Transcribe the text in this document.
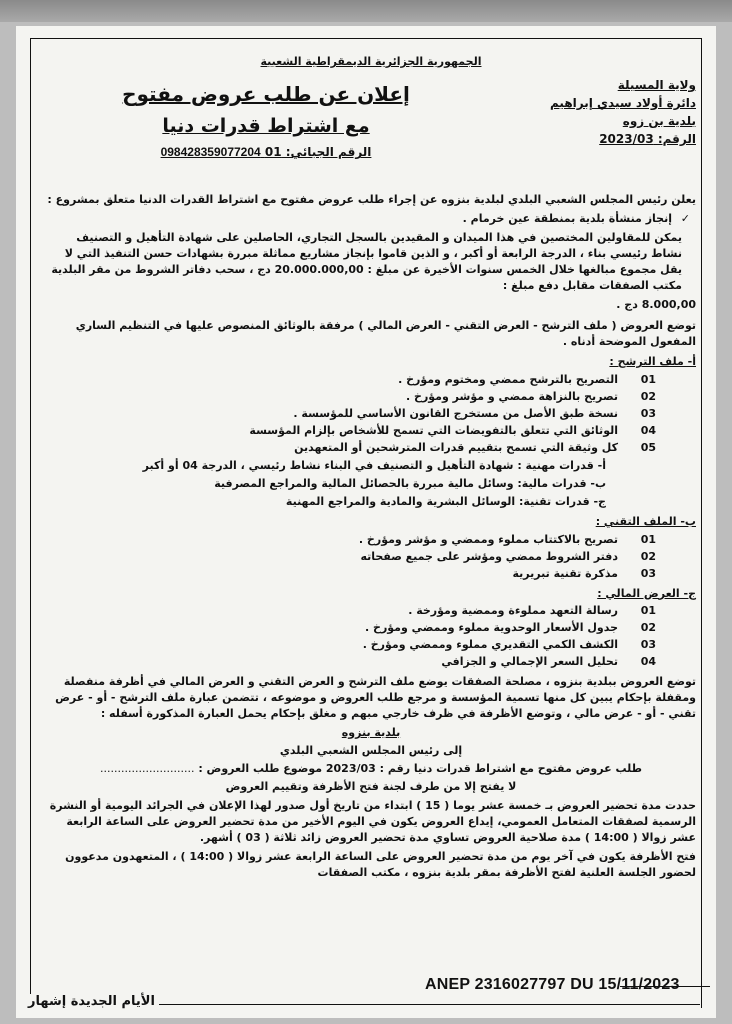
الجمهورية الجزائرية الديمقراطية الشعبية
ولاية المسيلة
دائرة أولاد سيدي إبراهيم
بلدية بن زوه
الرقم: 2023/03
إعلان عن طلب عروض مفتوح
مع اشتراط قدرات دنيا
الرقم الجبائي: 01 098428359077204

يعلن رئيس المجلس الشعبي البلدي لبلدية بنزوه عن إجراء طلب عروض مفتوح مع اشتراط القدرات الدنيا متعلق بمشروع :

✓
إنجاز منشأة بلدية بمنطقة عين خرمام .

يمكن للمقاولين المختصين في هذا الميدان و المقيدين بالسجل التجاري، الحاصلين على شهادة التأهيل و التصنيف نشاط رئيسي بناء ، الدرجة الرابعة أو أكبر ، و الذين قاموا بإنجاز مشاريع مماثلة مبررة بشهادات حسن التنفيذ التي لا يقل مجموع مبالغها خلال الخمس سنوات الأخيرة عن مبلغ : 20.000.000,00 دج ، سحب دفاتر الشروط من مقر البلدية مكتب الصفقات مقابل دفع مبلغ :

8.000,00 دج .

توضع العروض ( ملف الترشح - العرض التقني - العرض المالي ) مرفقة بالوثائق المنصوص عليها في التنظيم الساري المفعول الموضحة أدناه .

أ- ملف الترشح :
01
التصريح بالترشح ممضي ومختوم ومؤرخ .
02
تصريح بالنزاهة ممضي و مؤشر ومؤرخ .
03
نسخة طبق الأصل من مستخرج القانون الأساسي للمؤسسة .
04
الوثائق التي تتعلق بالتفويضات التي تسمح للأشخاص بإلزام المؤسسة
05
كل وثيقة التي تسمح بتقييم قدرات المترشحين أو المتعهدين

أ- قدرات مهنية : شهادة التأهيل و التصنيف في البناء نشاط رئيسي ، الدرجة 04 أو أكبر

ب- قدرات مالية: وسائل مالية مبررة بالحصائل المالية والمراجع المصرفية

ج- قدرات تقنية: الوسائل البشرية والمادية والمراجع المهنية

ب- الملف التقني :
01
تصريح بالاكتتاب مملوء وممضي و مؤشر ومؤرخ .
02
دفتر الشروط ممضي ومؤشر على جميع صفحاته
03
مذكرة تقنية تبريرية
ج- العرض المالي :
01
رسالة التعهد مملوءة وممضية ومؤرخة .
02
جدول الأسعار الوحدوية مملوء وممضي ومؤرخ .
03
الكشف الكمي التقديري مملوء وممضي ومؤرخ .
04
تحليل السعر الإجمالي و الجزافي

توضع العروض ببلدية بنزوه ، مصلحة الصفقات يوضع ملف الترشح و العرض التقني و العرض المالي في أظرفة منفصلة ومقفلة بإحكام يبين كل منها تسمية المؤسسة و مرجع طلب العروض و موضوعه ، تتضمن عبارة ملف الترشح - أو - عرض تقني - أو - عرض مالي ، وتوضع الأظرفة في ظرف خارجي مبهم و مغلق بإحكام يحمل العبارة المذكورة أسفله :

بلدية بنزوه
إلى رئيس المجلس الشعبي البلدي
طلب عروض مفتوح مع اشتراط قدرات دنيا رقم : 2023/03 موضوع طلب العروض : ...........................
لا يفتح إلا من طرف لجنة فتح الأظرفة وتقييم العروض

حددت مدة تحضير العروض بـ خمسة عشر يوما ( 15 ) ابتداء من تاريخ أول صدور لهذا الإعلان في الجرائد اليومية أو النشرة الرسمية لصفقات المتعامل العمومي، إيداع العروض يكون في اليوم الأخير من مدة تحضير العروض على الساعة الرابعة عشر زوالا ( 14:00 ) مدة صلاحية العروض تساوي مدة تحضير العروض زائد ثلاثة ( 03 ) أشهر.

فتح الأظرفة يكون في آخر يوم من مدة تحضير العروض على الساعة الرابعة عشر زوالا ( 14:00 ) ، المتعهدون مدعوون لحضور الجلسة العلنية لفتح الأظرفة بمقر بلدية بنزوه ، مكتب الصفقات

ANEP 2316027797 DU 15/11/2023
الأيام الجديدة إشهار
